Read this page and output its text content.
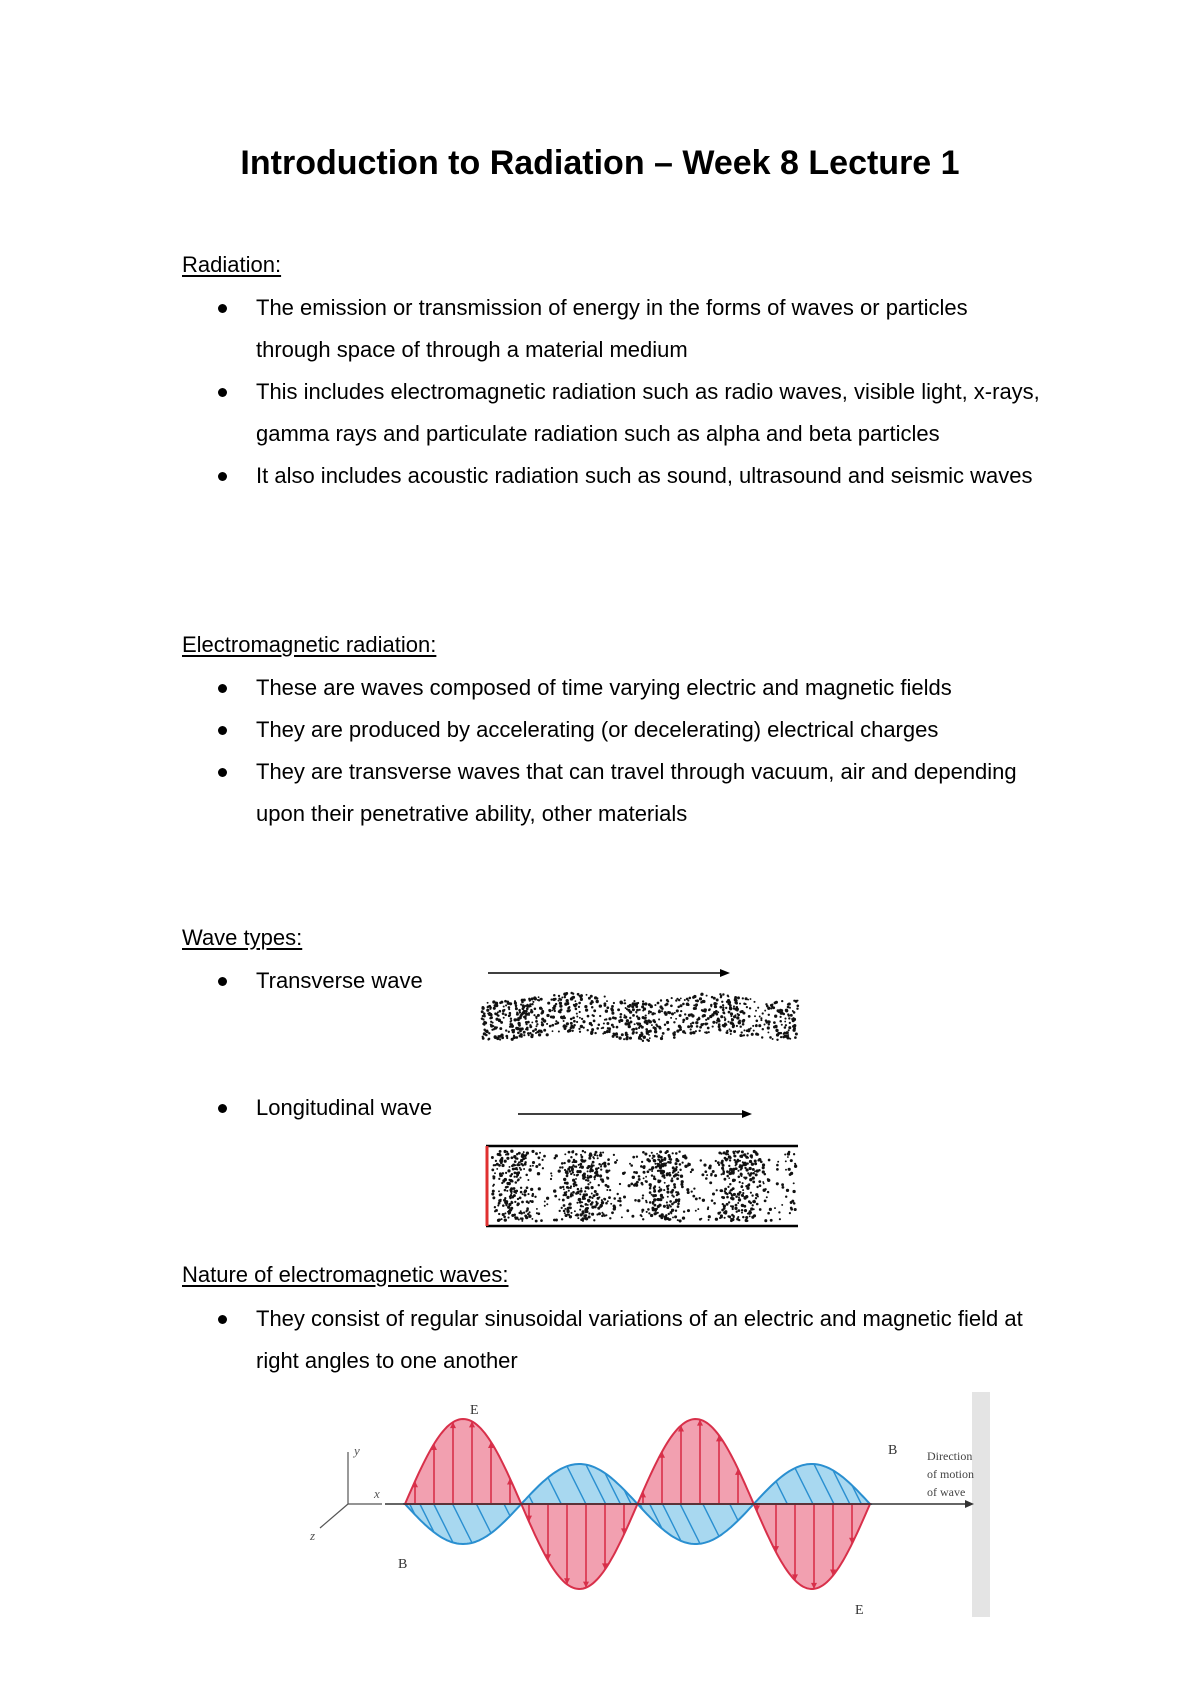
Introduction to Radiation – Week 8 Lecture 1
Radiation:
The emission or transmission of energy in the forms of waves or particles through space of through a material medium
This includes electromagnetic radiation such as radio waves, visible light, x-rays, gamma rays and particulate radiation such as alpha and beta particles
It also includes acoustic radiation such as sound, ultrasound and seismic waves
Electromagnetic radiation:
These are waves composed of time varying electric and magnetic fields
They are produced by accelerating (or decelerating) electrical charges
They are transverse waves that can travel through vacuum, air and depending upon their penetrative ability, other materials
Wave types:
Transverse wave
Longitudinal wave
Nature of electromagnetic waves:
They consist of regular sinusoidal variations of an electric and magnetic field at right angles to one another
y
x
z
E
E
B
B Direction
of motion
of wave
